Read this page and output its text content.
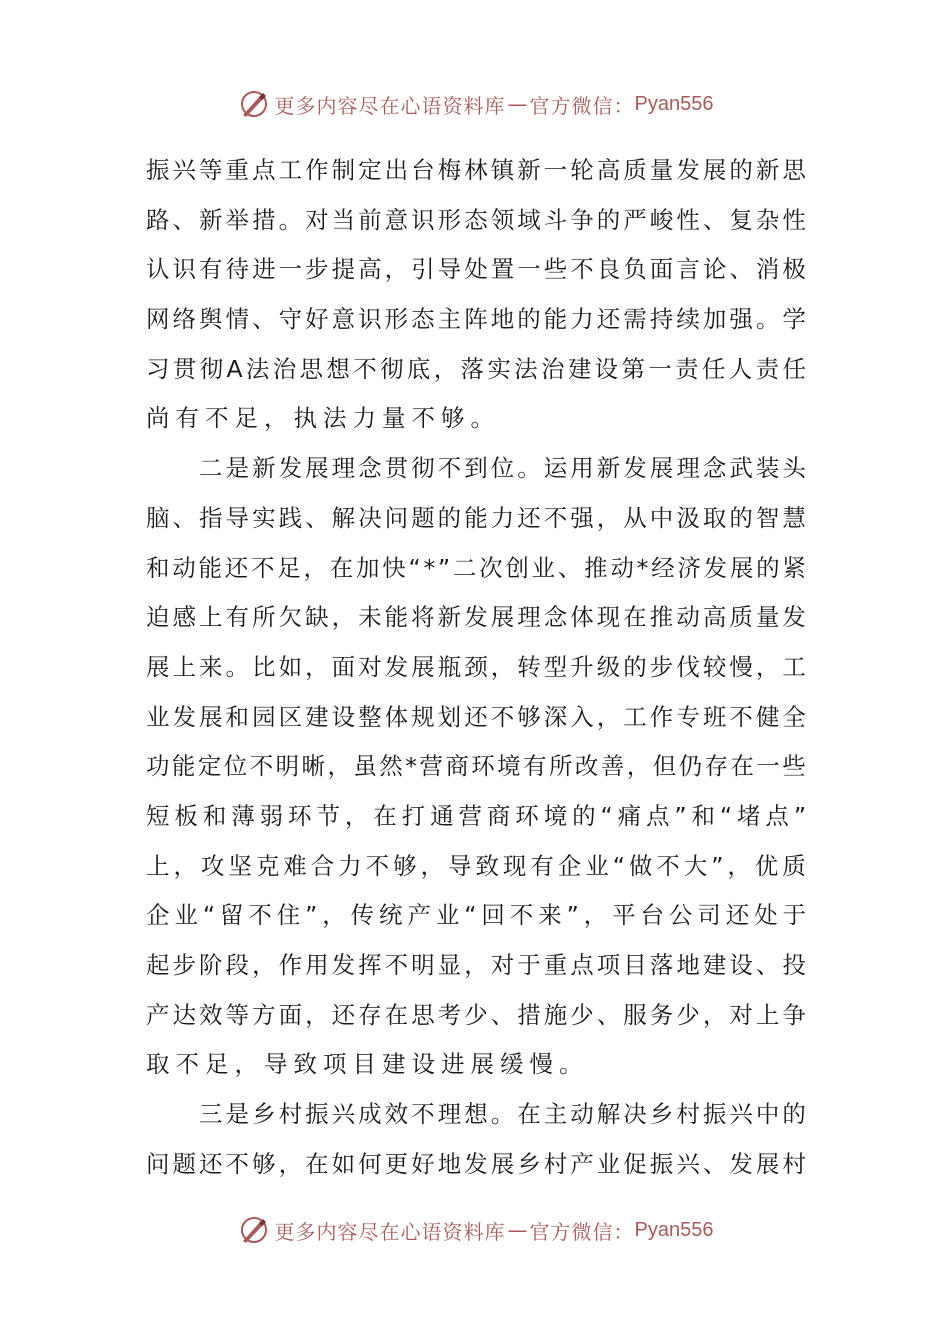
更多内容尽在心语资料库 — 官方微信： Pyan556
振 兴 等 重 点 工 作 制 定 出 台 梅 林 镇 新 一 轮 高 质 量 发 展 的 新 思
路 、 新 举 措 。 对 当 前 意 识 形 态 领 域 斗 争 的 严 峻 性 、 复 杂 性
认 识 有 待 进 一 步 提 高 ， 引 导 处 置 一 些 不 良 负 面 言 论 、 消 极
网 络 舆 情 、 守 好 意 识 形 态 主 阵 地 的 能 力 还 需 持 续 加 强 。 学
习 贯 彻 A 法 治 思 想 不 彻 底 ， 落 实 法 治 建 设 第 一 责 任 人 责 任
尚有不足，执法力量不够。

二 是 新 发 展 理 念 贯 彻 不 到 位 。 运 用 新 发 展 理 念 武 装 头
脑 、 指 导 实 践 、 解 决 问 题 的 能 力 还 不 强 ， 从 中 汲 取 的 智 慧
和 动 能 还 不 足 ， 在 加 快 “ * ” 二 次 创 业 、 推 动 * 经 济 发 展 的 紧
迫 感 上 有 所 欠 缺 ， 未 能 将 新 发 展 理 念 体 现 在 推 动 高 质 量 发
展 上 来 。 比 如 ， 面 对 发 展 瓶 颈 ， 转 型 升 级 的 步 伐 较 慢 ， 工
业 发 展 和 园 区 建 设 整 体 规 划 还 不 够 深 入 ， 工 作 专 班 不 健 全
功 能 定 位 不 明 晰 ， 虽 然 * 营 商 环 境 有 所 改 善 ， 但 仍 存 在 一 些
短 板 和 薄 弱 环 节 ， 在 打 通 营 商 环 境 的 “ 痛 点 ” 和 “ 堵 点 ”
上 ， 攻 坚 克 难 合 力 不 够 ， 导 致 现 有 企 业 “ 做 不 大 ” ， 优 质
企 业 “ 留 不 住 ” ， 传 统 产 业 “ 回 不 来 ” ， 平 台 公 司 还 处 于
起 步 阶 段 ， 作 用 发 挥 不 明 显 ， 对 于 重 点 项 目 落 地 建 设 、 投
产 达 效 等 方 面 ， 还 存 在 思 考 少 、 措 施 少 、 服 务 少 ， 对 上 争
取不足，导致项目建设进展缓慢。

三 是 乡 村 振 兴 成 效 不 理 想 。 在 主 动 解 决 乡 村 振 兴 中 的
问 题 还 不 够 ， 在 如 何 更 好 地 发 展 乡 村 产 业 促 振 兴 、 发 展 村
更多内容尽在心语资料库 — 官方微信： Pyan556
